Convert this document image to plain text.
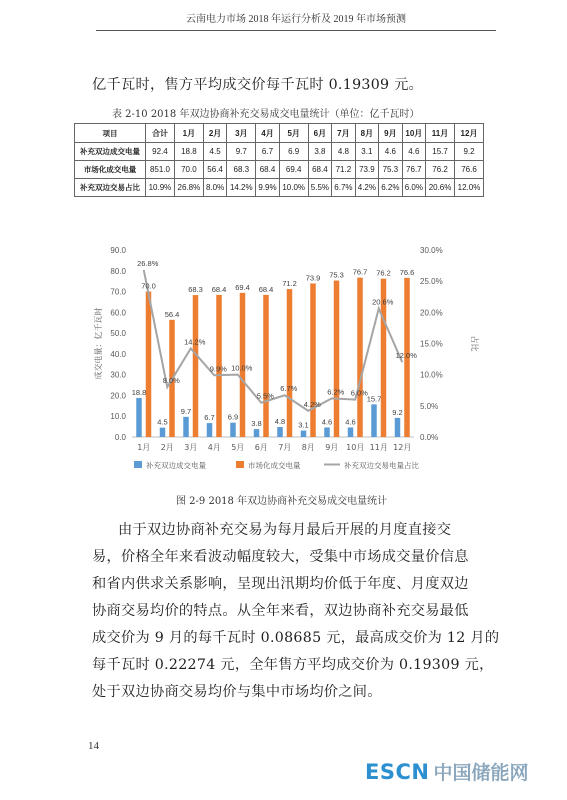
云南电力市场 2018 年运行分析及 2019 年市场预测
亿千瓦时，售方平均成交价每千瓦时 0.19309 元。
表 2-10 2018 年双边协商补充交易成交电量统计（单位：亿千瓦时）
项目	合计	1月	2月	3月	4月	5月	6月	7月	8月	9月	10月	11月	12月
补充双边成交电量	92.4	18.8	4.5	9.7	6.7	6.9	3.8	4.8	3.1	4.6	4.6	15.7	9.2
市场化成交电量	851.0	70.0	56.4	68.3	68.4	69.4	68.4	71.2	73.9	75.3	76.7	76.2	76.6
补充双边交易占比	10.9%	26.8%	8.0%	14.2%	9.9%	10.0%	5.5%	6.7%	4.2%	6.2%	6.0%	20.6%	12.0%
0.0
10.0
20.0
30.0
40.0
50.0
60.0
70.0
80.0
90.0
0.0%
5.0%
10.0%
15.0%
20.0%
25.0%
30.0%
成交电量：亿千瓦时	占比
1月 2月 3月 4月 5月 6月 7月 8月 9月 10月 11月 12月
18.8
70.0
4.5
56.4
9.7
68.3
6.7
68.4
6.9
69.4
3.8
68.4
4.8
71.2
3.1
73.9
4.6
75.3
4.6
76.7
15.7
76.2
9.2
76.6
26.8%
8.0%
14.2%
9.9% 10.0%
5.5%
6.7%
4.2%
6.2% 6.0%
20.6%
12.0%
补充双边成交电量	市场化成交电量	补充双边交易电量占比
图 2-9 2018 年双边协商补充交易成交电量统计
由于双边协商补充交易为每月最后开展的月度直接交
易，价格全年来看波动幅度较大，受集中市场成交量价信息
和省内供求关系影响，呈现出汛期均价低于年度、月度双边
协商交易均价的特点。从全年来看，双边协商补充交易最低
成交价为 9 月的每千瓦时 0.08685 元，最高成交价为 12 月的
每千瓦时 0.22274 元，全年售方平均成交价为 0.19309 元，
处于双边协商交易均价与集中市场均价之间。
14
ESCN 中国储能网
